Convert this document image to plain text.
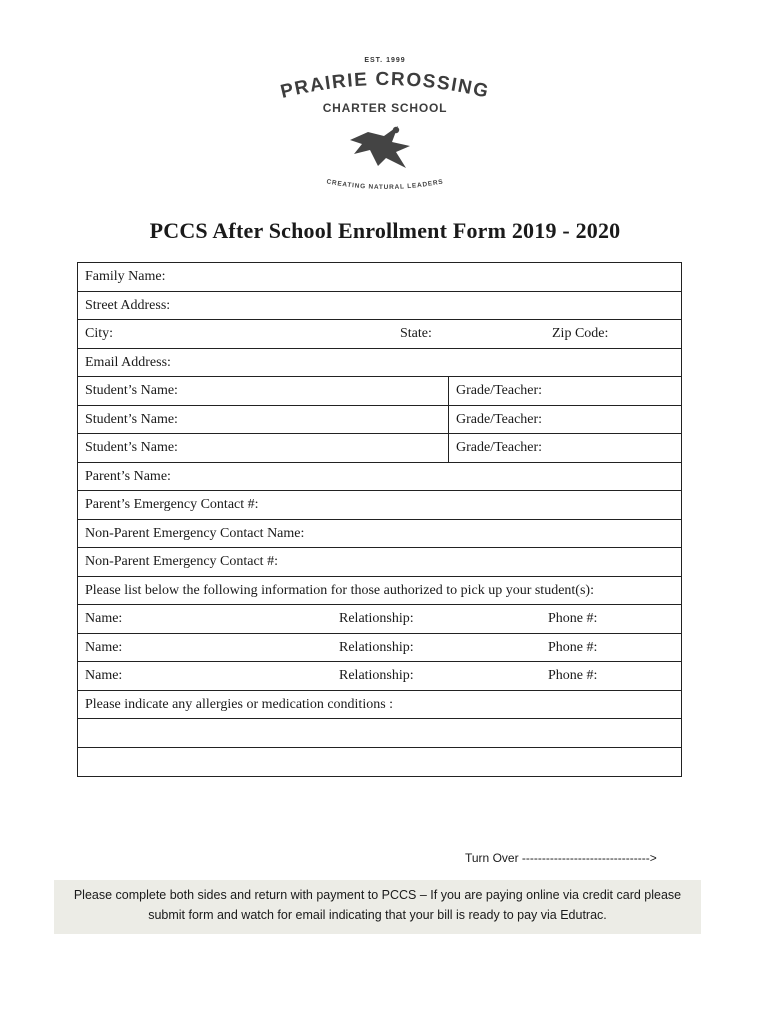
EST. 1999
PRAIRIE CROSSING
CHARTER SCHOOL
CREATING NATURAL LEADERS
PCCS After School Enrollment Form 2019 - 2020
Family Name:
Street Address:
City:	State:	Zip Code:
Email Address:
Student’s Name:	Grade/Teacher:
Student’s Name:	Grade/Teacher:
Student’s Name:	Grade/Teacher:
Parent’s Name:
Parent’s Emergency Contact #:
Non-Parent Emergency Contact Name:
Non-Parent Emergency Contact #:
Please list below the following information for those authorized to pick up your student(s):
Name:	Relationship:	Phone #:
Name:	Relationship:	Phone #:
Name:	Relationship:	Phone #:
Please indicate any allergies or medication conditions :
Turn Over -------------------------------->
Please complete both sides and return with payment to PCCS – If you are paying online via credit card please
submit form and watch for email indicating that your bill is ready to pay via Edutrac.
